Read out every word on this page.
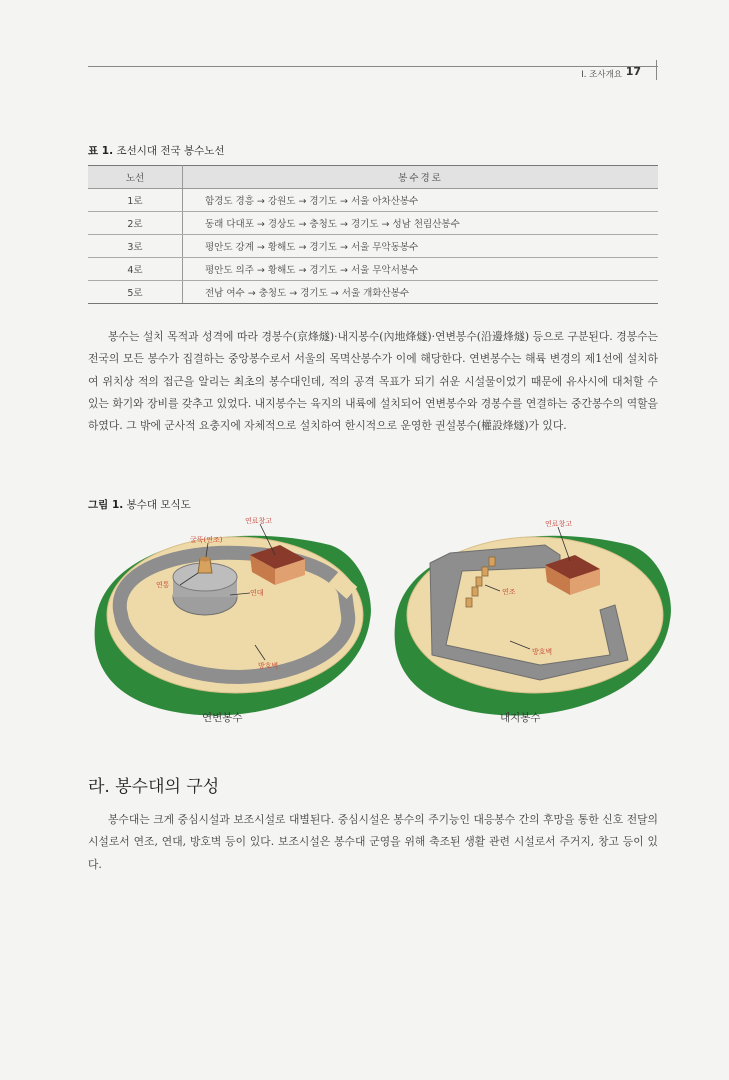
Ⅰ. 조사개요 17
표 1. 조선시대 전국 봉수노선
노선	봉수경로
1로	함경도 경흥 → 강원도 → 경기도 → 서울 아차산봉수
2로	동래 다대포 → 경상도 → 충청도 → 경기도 → 성남 천림산봉수
3로	평안도 강계 → 황해도 → 경기도 → 서울 무악동봉수
4로	평안도 의주 → 황해도 → 경기도 → 서울 무악서봉수
5로	전남 여수 → 충청도 → 경기도 → 서울 개화산봉수

봉수는 설치 목적과 성격에 따라 경봉수(京烽燧)·내지봉수(內地烽燧)·연변봉수(沿邊烽燧) 등으로 구분된다. 경봉수는 전국의 모든 봉수가 집결하는 중앙봉수로서 서울의 목멱산봉수가 이에 해당한다. 연변봉수는 해륙 변경의 제1선에 설치하여 위치상 적의 접근을 알리는 최초의 봉수대인데, 적의 공격 목표가 되기 쉬운 시설물이었기 때문에 유사시에 대처할 수 있는 화기와 장비를 갖추고 있었다. 내지봉수는 육지의 내륙에 설치되어 연변봉수와 경봉수를 연결하는 중간봉수의 역할을 하였다. 그 밖에 군사적 요충지에 자체적으로 설치하여 한시적으로 운영한 권설봉수(權設烽燧)가 있다.

그림 1. 봉수대 모식도
연료창고
굴뚝(연조)
연통
연대
방호벽
연료창고
연조
방호벽
연변봉수	내지봉수
라. 봉수대의 구성

봉수대는 크게 중심시설과 보조시설로 대별된다. 중심시설은 봉수의 주기능인 대응봉수 간의 후망을 통한 신호 전달의 시설로서 연조, 연대, 방호벽 등이 있다. 보조시설은 봉수대 군영을 위해 축조된 생활 관련 시설로서 주거지, 창고 등이 있다.
